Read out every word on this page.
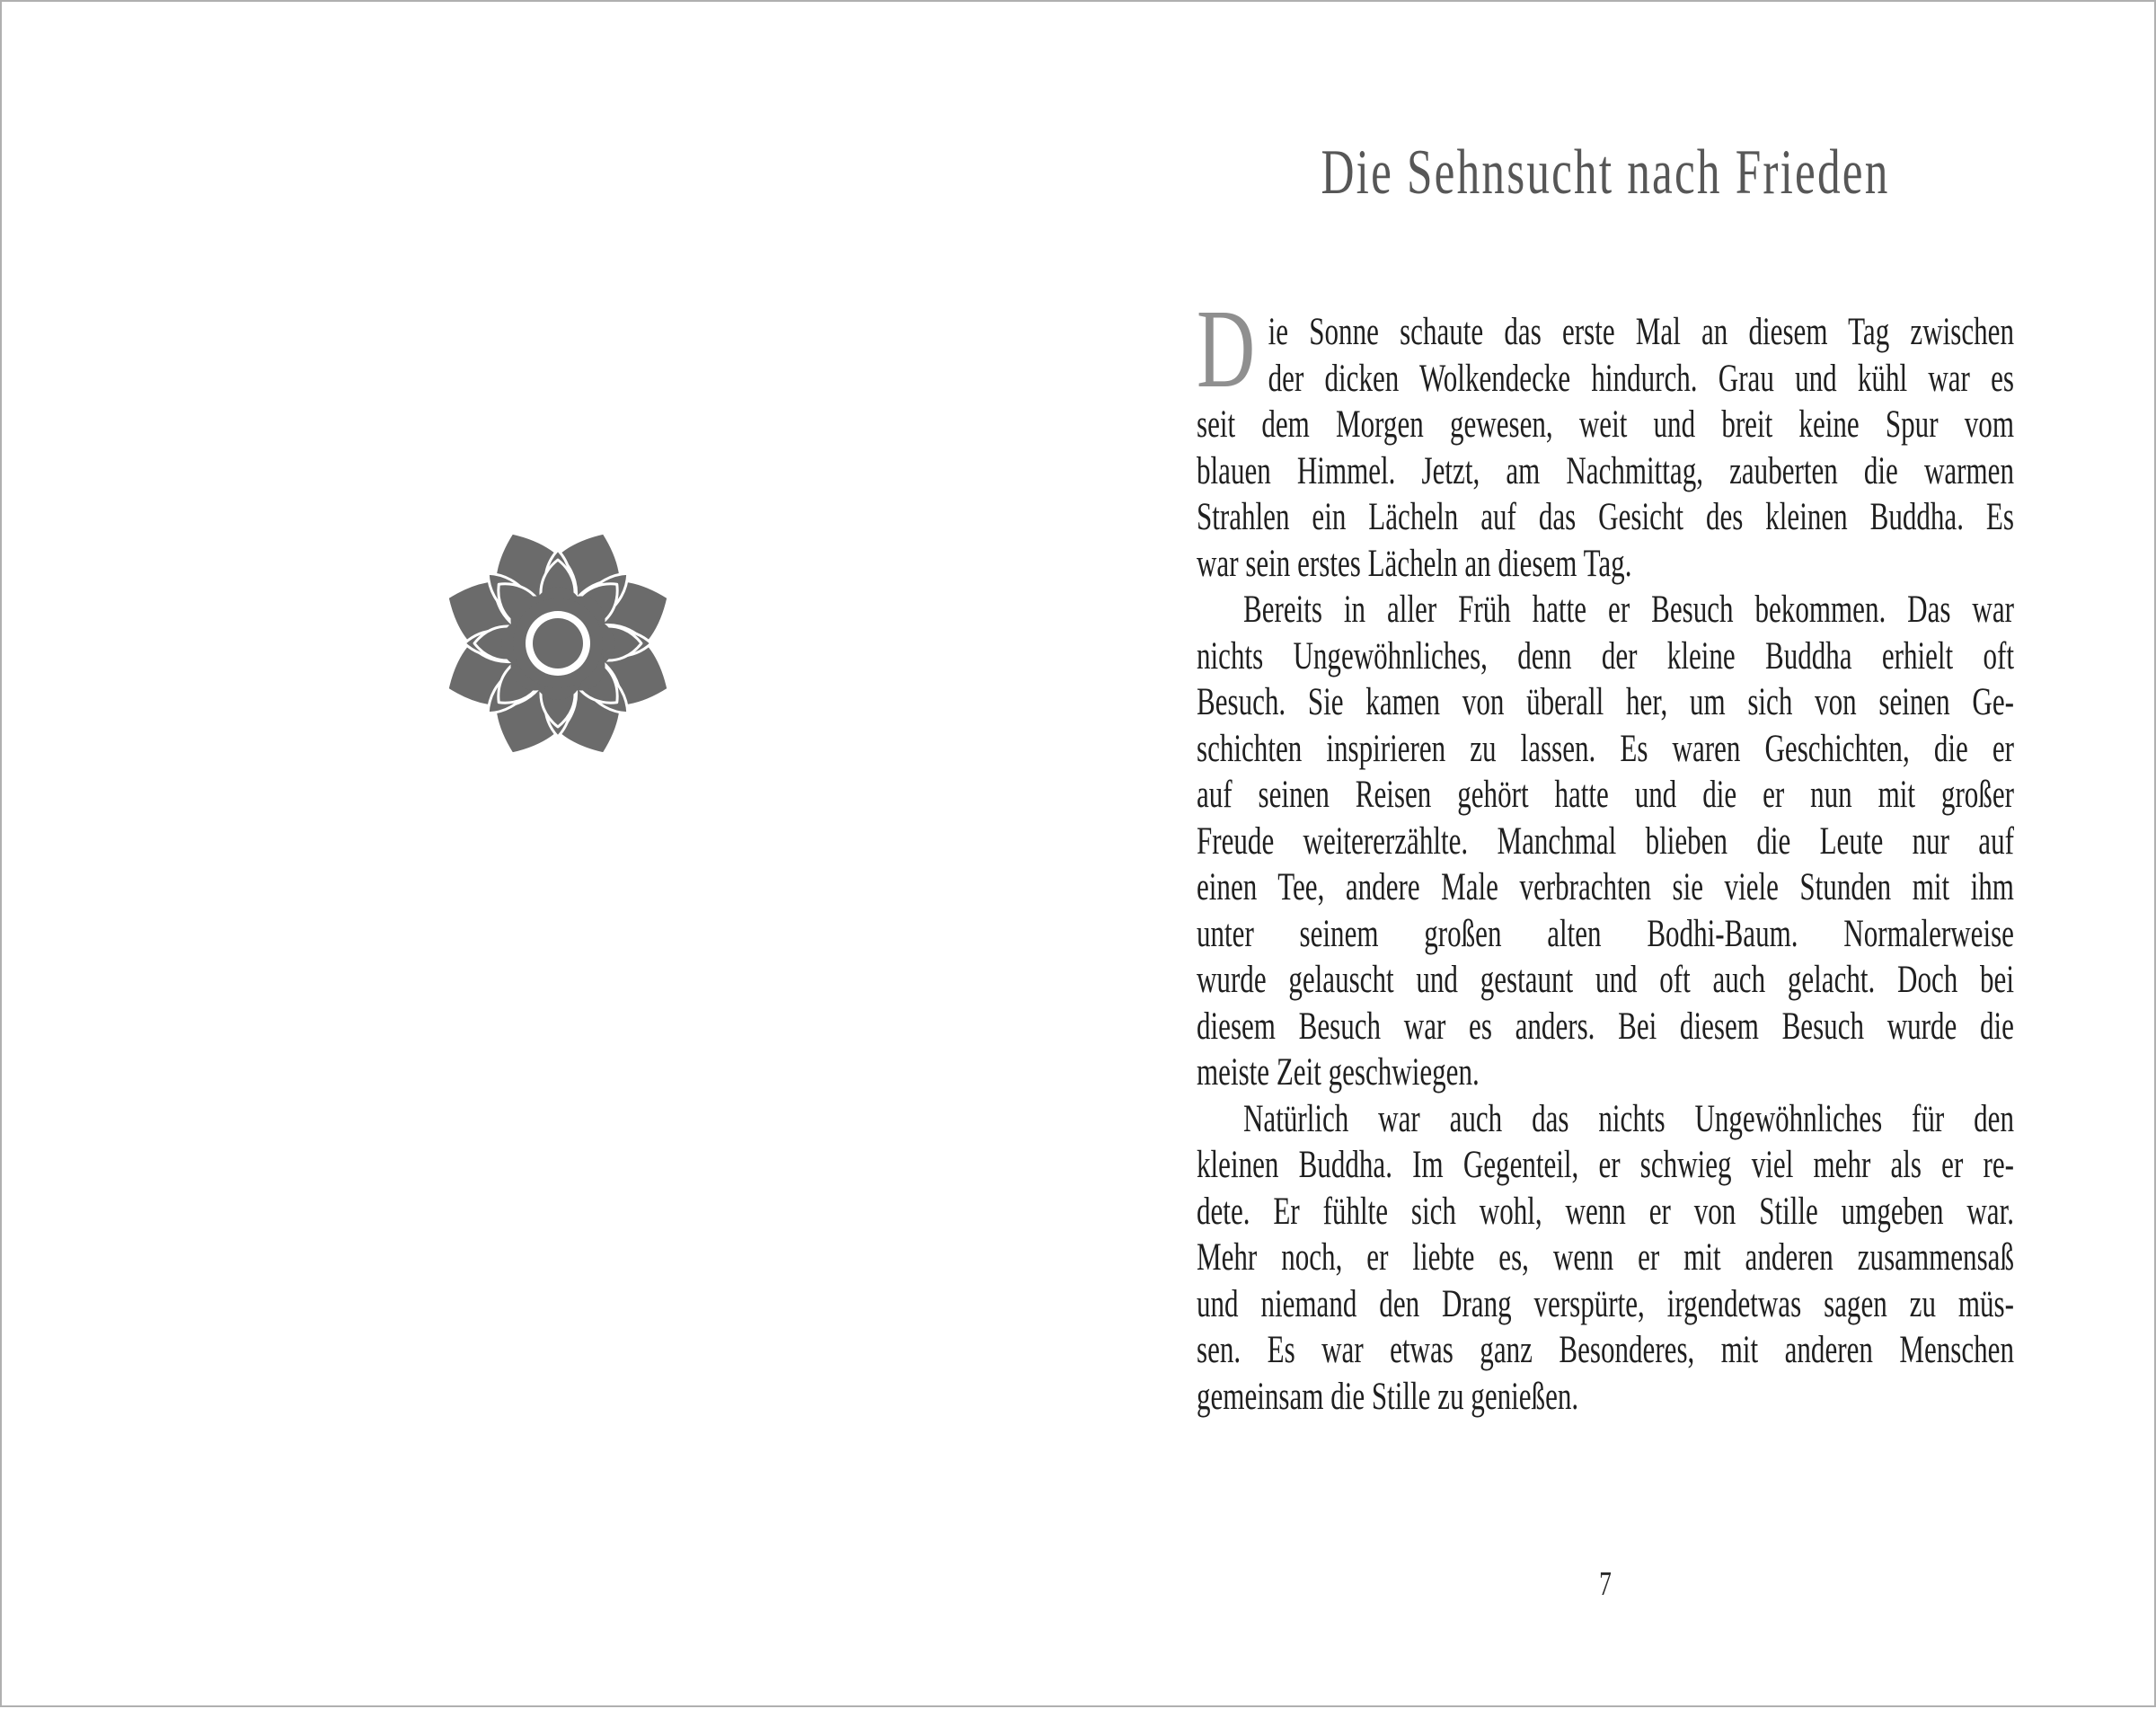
Die Sehnsucht nach Frieden
D ie Sonne schaute das erste Mal an diesem Tag zwischen
der dicken Wolkendecke hindurch. Grau und kühl war es
seit dem Morgen gewesen, weit und breit keine Spur vom
blauen Himmel. Jetzt, am Nachmittag, zauberten die warmen
Strahlen ein Lächeln auf das Gesicht des kleinen Buddha. Es
war sein erstes Lächeln an diesem Tag.
Bereits in aller Früh hatte er Besuch bekommen. Das war
nichts Ungewöhnliches, denn der kleine Buddha erhielt oft
Besuch. Sie kamen von überall her, um sich von seinen Ge-
schichten inspirieren zu lassen. Es waren Geschichten, die er
auf seinen Reisen gehört hatte und die er nun mit großer
Freude weitererzählte. Manchmal blieben die Leute nur auf
einen Tee, andere Male verbrachten sie viele Stunden mit ihm
unter seinem großen alten Bodhi-Baum. Normalerweise
wurde gelauscht und gestaunt und oft auch gelacht. Doch bei
diesem Besuch war es anders. Bei diesem Besuch wurde die
meiste Zeit geschwiegen.
Natürlich war auch das nichts Ungewöhnliches für den
kleinen Buddha. Im Gegenteil, er schwieg viel mehr als er re-
dete. Er fühlte sich wohl, wenn er von Stille umgeben war.
Mehr noch, er liebte es, wenn er mit anderen zusammensaß
und niemand den Drang verspürte, irgendetwas sagen zu müs-
sen. Es war etwas ganz Besonderes, mit anderen Menschen
gemeinsam die Stille zu genießen.
7
